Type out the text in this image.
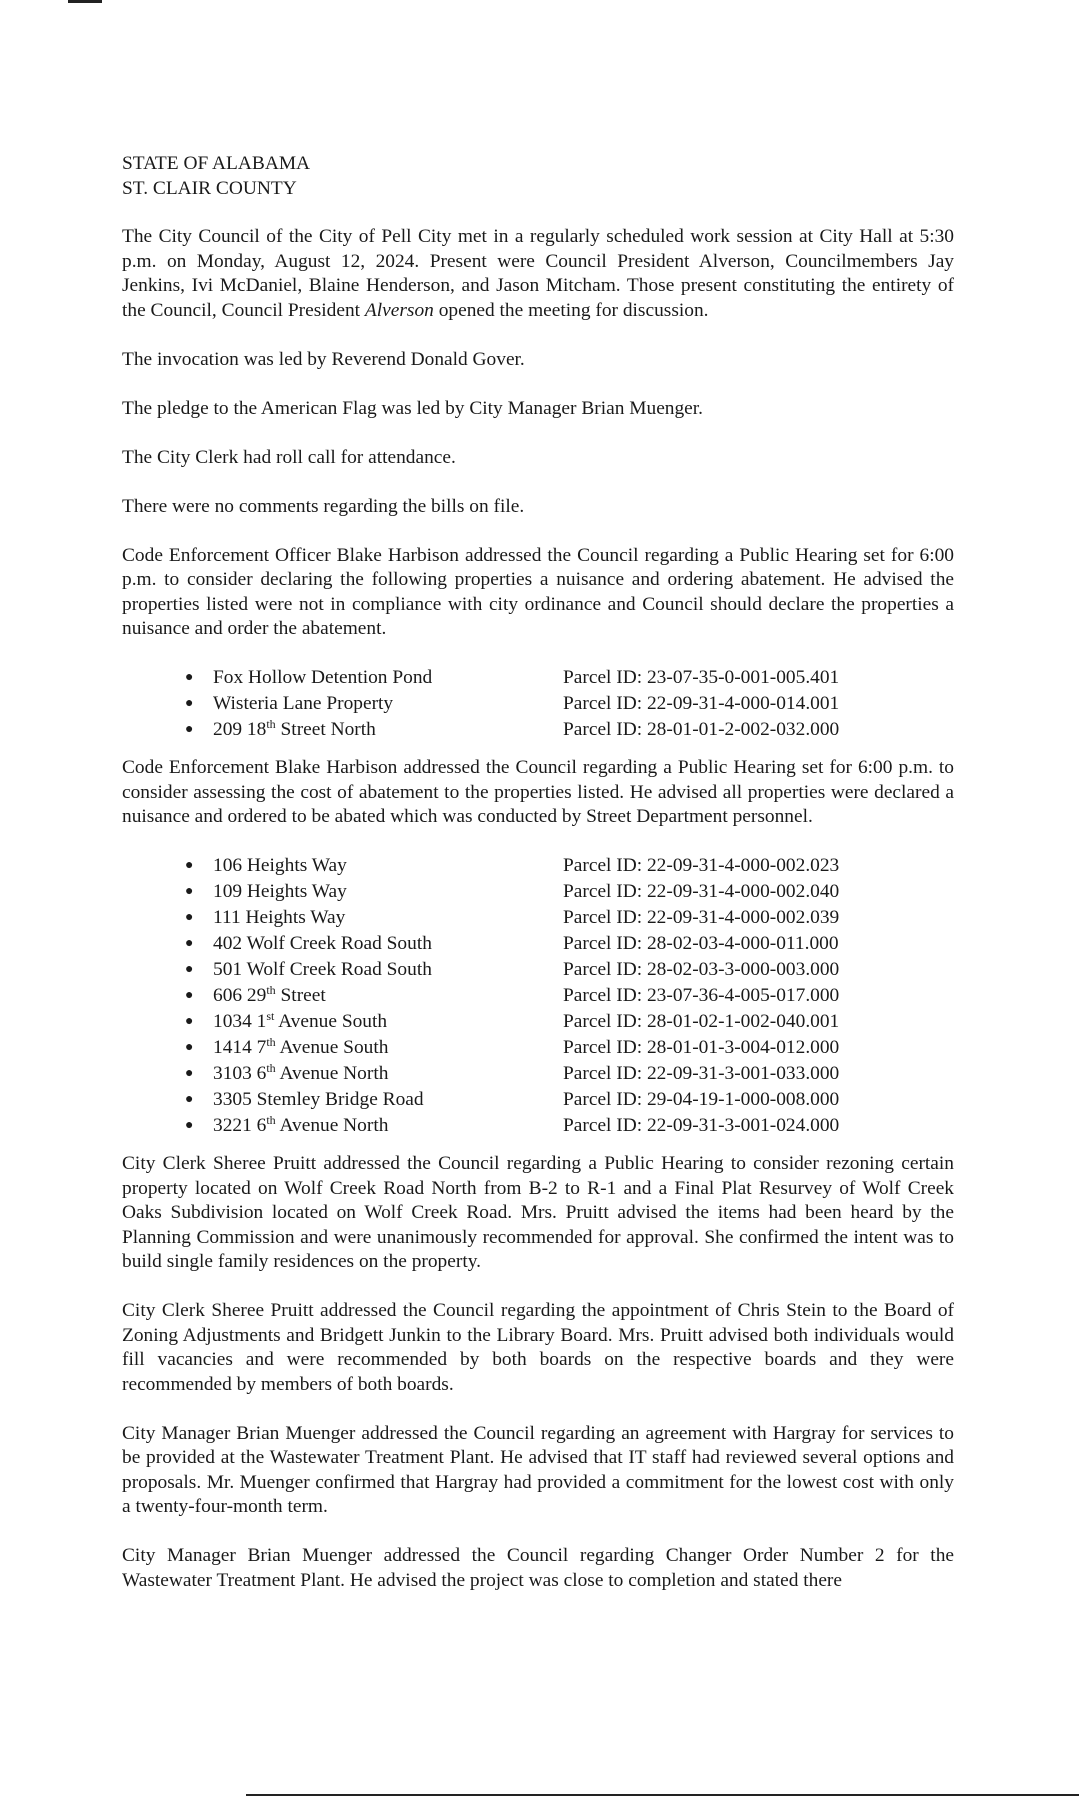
STATE OF ALABAMA
ST. CLAIR COUNTY

The City Council of the City of Pell City met in a regularly scheduled work session at City Hall at 5:30 p.m. on Monday, August 12, 2024. Present were Council President Alverson, Councilmembers Jay Jenkins, Ivi McDaniel, Blaine Henderson, and Jason Mitcham. Those present constituting the entirety of the Council, Council President Alverson opened the meeting for discussion.

The invocation was led by Reverend Donald Gover.

The pledge to the American Flag was led by City Manager Brian Muenger.

The City Clerk had roll call for attendance.

There were no comments regarding the bills on file.

Code Enforcement Officer Blake Harbison addressed the Council regarding a Public Hearing set for 6:00 p.m. to consider declaring the following properties a nuisance and ordering abatement. He advised the properties listed were not in compliance with city ordinance and Council should declare the properties a nuisance and order the abatement.

●	Fox Hollow Detention Pond	Parcel ID: 23-07-35-0-001-005.401
●	Wisteria Lane Property	Parcel ID: 22-09-31-4-000-014.001
●	209 18th Street North	Parcel ID: 28-01-01-2-002-032.000

Code Enforcement Blake Harbison addressed the Council regarding a Public Hearing set for 6:00 p.m. to consider assessing the cost of abatement to the properties listed. He advised all properties were declared a nuisance and ordered to be abated which was conducted by Street Department personnel.

●	106 Heights Way	Parcel ID: 22-09-31-4-000-002.023
●	109 Heights Way	Parcel ID: 22-09-31-4-000-002.040
●	111 Heights Way	Parcel ID: 22-09-31-4-000-002.039
●	402 Wolf Creek Road South	Parcel ID: 28-02-03-4-000-011.000
●	501 Wolf Creek Road South	Parcel ID: 28-02-03-3-000-003.000
●	606 29th Street	Parcel ID: 23-07-36-4-005-017.000
●	1034 1st Avenue South	Parcel ID: 28-01-02-1-002-040.001
●	1414 7th Avenue South	Parcel ID: 28-01-01-3-004-012.000
●	3103 6th Avenue North	Parcel ID: 22-09-31-3-001-033.000
●	3305 Stemley Bridge Road	Parcel ID: 29-04-19-1-000-008.000
●	3221 6th Avenue North	Parcel ID: 22-09-31-3-001-024.000

City Clerk Sheree Pruitt addressed the Council regarding a Public Hearing to consider rezoning certain property located on Wolf Creek Road North from B-2 to R-1 and a Final Plat Resurvey of Wolf Creek Oaks Subdivision located on Wolf Creek Road. Mrs. Pruitt advised the items had been heard by the Planning Commission and were unanimously recommended for approval. She confirmed the intent was to build single family residences on the property.

City Clerk Sheree Pruitt addressed the Council regarding the appointment of Chris Stein to the Board of Zoning Adjustments and Bridgett Junkin to the Library Board. Mrs. Pruitt advised both individuals would fill vacancies and were recommended by both boards on the respective boards and they were recommended by members of both boards.

City Manager Brian Muenger addressed the Council regarding an agreement with Hargray for services to be provided at the Wastewater Treatment Plant. He advised that IT staff had reviewed several options and proposals. Mr. Muenger confirmed that Hargray had provided a commitment for the lowest cost with only a twenty-four-month term.

City Manager Brian Muenger addressed the Council regarding Changer Order Number 2 for the Wastewater Treatment Plant. He advised the project was close to completion and stated there
